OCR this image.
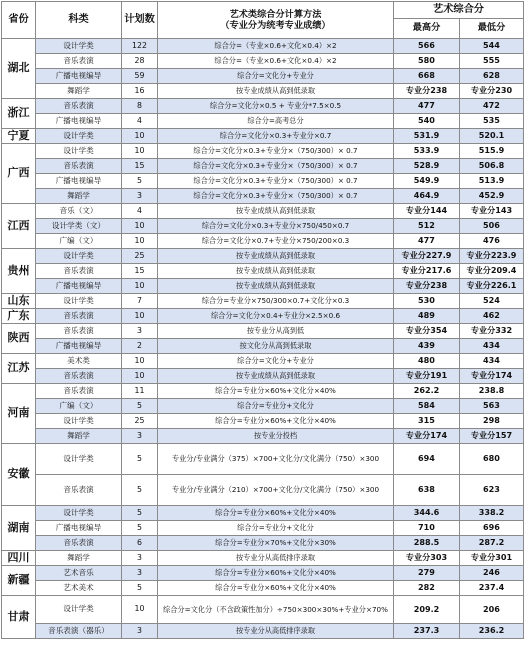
省份	科类	计划数	艺术类综合分计算方法
（专业分为统考专业成绩）	艺术综合分	
				最高分	最低分
湖北	设计学类	122	综合分=（专业×0.6+文化×0.4）×2	566	544
	音乐表演	28	综合分=（专业×0.6+文化×0.4）×2	580	555
	广播电视编导	59	综合分=文化分+专业分	668	628
	舞蹈学	16	按专业成绩从高到低录取	专业分238	专业分230
浙江	音乐表演	8	综合分=文化分×0.5 + 专业分*7.5×0.5	477	472
	广播电视编导	4	综合分=高考总分	540	535
宁夏	设计学类	10	综合分=文化分×0.3+专业分×0.7	531.9	520.1
广西	设计学类	10	综合分=文化分×0.3+专业分×（750/300）× 0.7	533.9	515.9
	音乐表演	15	综合分=文化分×0.3+专业分×（750/300）× 0.7	528.9	506.8
	广播电视编导	5	综合分=文化分×0.3+专业分×（750/300）× 0.7	549.9	513.9
	舞蹈学	3	综合分=文化分×0.3+专业分×（750/300）× 0.7	464.9	452.9
江西	音乐（文）	4	按专业成绩从高到低录取	专业分144	专业分143
	设计学类（文）	10	综合分=文化分×0.3+专业分×750/450×0.7	512	506
	广编（文）	10	综合分=文化分×0.7+专业分×750/200×0.3	477	476
贵州	设计学类	25	按专业成绩从高到低录取	专业分227.9	专业分223.9
	音乐表演	15	按专业成绩从高到低录取	专业分217.6	专业分209.4
	广播电视编导	10	按专业成绩从高到低录取	专业分238	专业分226.1
山东	设计学类	7	综合分=专业分×750/300×0.7+文化分×0.3	530	524
广东	音乐表演	10	综合分=文化分×0.4+专业分×2.5×0.6	489	462
陕西	音乐表演	3	按专业分从高到低	专业分354	专业分332
	广播电视编导	2	按文化分从高到低录取	439	434
江苏	美术类	10	综合分=文化分+专业分	480	434
	音乐表演	10	按专业成绩从高到低录取	专业分191	专业分174
河南	音乐表演	11	综合分=专业分×60%+文化分×40%	262.2	238.8
	广编（文）	5	综合分=专业分+文化分	584	563
	设计学类	25	综合分=专业分×60%+文化分×40%	315	298
	舞蹈学	3	按专业分投档	专业分174	专业分157
安徽	设计学类	5	专业分/专业满分（375）×700+文化分/文化满分（750）×300	694	680
	音乐表演	5	专业分/专业满分（210）×700+文化分/文化满分（750）×300	638	623
湖南	设计学类	5	综合分=专业分×60%+文化分×40%	344.6	338.2
	广播电视编导	5	综合分=专业分+文化分	710	696
	音乐表演	6	综合分=专业分×70%+文化分×30%	288.5	287.2
四川	舞蹈学	3	按专业分从高低排序录取	专业分303	专业分301
新疆	艺术音乐	3	综合分=专业分×60%+文化分×40%	279	246
	艺术美术	5	综合分=专业分×60%+文化分×40%	282	237.4
甘肃	设计学类	10	综合分=文化分（不含政策性加分）÷750×300×30%+专业分×70%	209.2	206
	音乐表演（器乐）	3	按专业分从高低排序录取	237.3	236.2
